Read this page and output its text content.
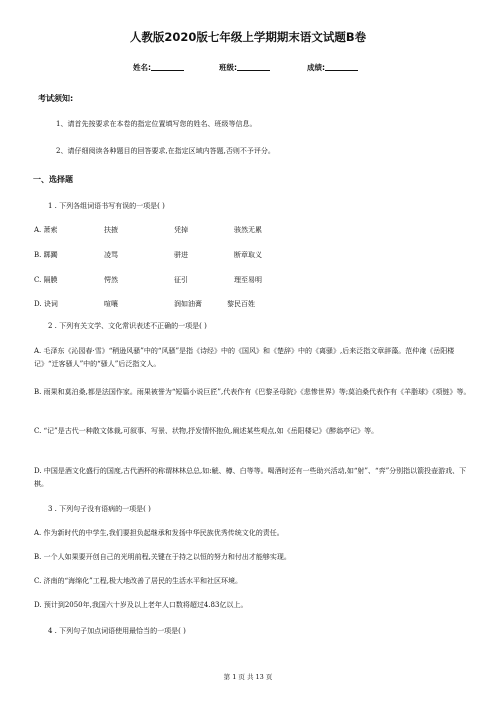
人教版2020版七年级上学期期末语文试题B卷
姓名:	班级:	成绩:
考试须知:
1、请首先按要求在本卷的指定位置填写您的姓名、班级等信息。
2、请仔细阅读各种题目的回答要求,在指定区域内答题,否则不予评分。
一、选择题
1 . 下列各组词语书写有误的一项是( )
A. 萧索	扶掖	凭掉	骇然无累
B. 踯躅	凌骂	骈进	断章取义
C. 隔膜	愕然	征引	理至易明
D. 诀词	喧嚷	润如油膏	黎民百姓
2 . 下列有关文学、文化常识表述不正确的一项是( )
A. 毛泽东《沁园春·雪》“稍逊风骚”中的“风骚”是指《诗经》中的《国风》和《楚辞》中的《离骚》,后来泛指文章辞藻。范仲淹《岳阳楼记》“迁客骚人”中的“骚人”后泛指文人。
B. 雨果和莫泊桑,都是法国作家。雨果被誉为“短篇小说巨匠”,代表作有《巴黎圣母院》《悲惨世界》等;莫泊桑代表作有《羊脂球》《项链》等。
C. “记”是古代一种散文体裁,可叙事、写景、状物,抒发情怀抱负,阐述某些观点,如《岳阳楼记》《醉翁亭记》等。
D. 中国是酒文化盛行的国度,古代酒杯的称谓林林总总,如:觥、樽、白等等。喝酒时还有一些助兴活动,如“射”、“弈”分别指以箭投壶游戏、下棋。
3 . 下列句子没有语病的一项是( )
A. 作为新时代的中学生,我们要担负起继承和发扬中华民族优秀传统文化的责任。
B. 一个人如果要开创自己的光明前程,关键在于持之以恒的努力和付出才能够实现。
C. 济南的“海绵化”工程,极大地改善了居民的生活水平和社区环境。
D. 预计到2050年,我国六十岁及以上老年人口数将超过4.83亿以上。
4 . 下列句子加点词语使用最恰当的一项是( )
第 1 页 共 13 页
